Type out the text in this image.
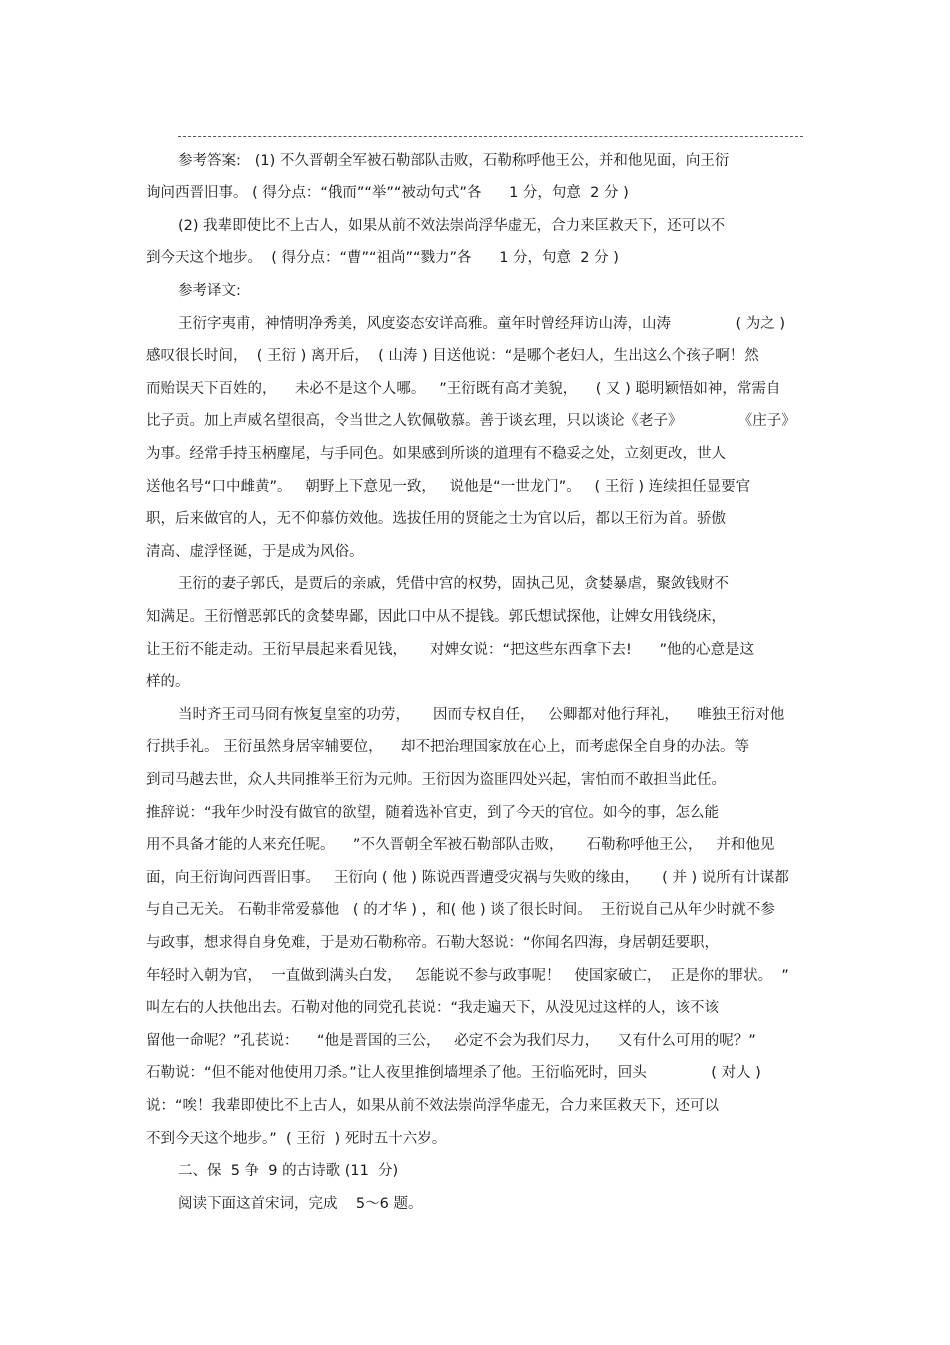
参考答案:   (1) 不久晋朝全军被石勒部队击败，石勒称呼他王公，并和他见面，向王衍
询问西晋旧事。 ( 得分点：“俄而”“举”“被动句式”各      1 分，句意  2 分 )
(2) 我辈即使比不上古人，如果从前不效法崇尚浮华虚无，合力来匡救天下，还可以不
到今天这个地步。  ( 得分点：“曹”“祖尚”“戮力”各      1 分，句意  2 分 )
参考译文:
王衍字夷甫，神情明净秀美，风度姿态安详高雅。童年时曾经拜访山涛，山涛              ( 为之 )
感叹很长时间，  ( 王衍 ) 离开后，  ( 山涛 ) 目送他说：“是哪个老妇人，生出这么个孩子啊！然
而贻误天下百姓的，    未必不是这个人哪。   ”王衍既有高才美貌，    ( 又 ) 聪明颖悟如神，常需自
比子贡。加上声威名望很高，令当世之人钦佩敬慕。善于谈玄理，只以谈论《老子》            《庄子》
为事。经常手持玉柄麈尾，与手同色。如果感到所谈的道理有不稳妥之处，立刻更改，世人
送他名号“口中雌黄”。   朝野上下意见一致，   说他是“一世龙门”。   ( 王衍 ) 连续担任显要官
职，后来做官的人，无不仰慕仿效他。选拔任用的贤能之士为官以后，都以王衍为首。骄傲
清高、虚浮怪诞，于是成为风俗。
王衍的妻子郭氏，是贾后的亲戚，凭借中宫的权势，固执己见，贪婪暴虐，聚敛钱财不
知满足。王衍憎恶郭氏的贪婪卑鄙，因此口中从不提钱。郭氏想试探他，让婢女用钱绕床，
让王衍不能走动。王衍早晨起来看见钱，     对婢女说：“把这些东西拿下去!      ”他的心意是这
样的。
当时齐王司马冏有恢复皇室的功劳，     因而专权自任，   公卿都对他行拜礼，    唯独王衍对他
行拱手礼。 王衍虽然身居宰辅要位，    却不把治理国家放在心上，而考虑保全自身的办法。等
到司马越去世，众人共同推举王衍为元帅。王衍因为盗匪四处兴起，害怕而不敢担当此任。
推辞说：“我年少时没有做官的欲望，随着选补官吏，到了今天的官位。如今的事，怎么能
用不具备才能的人来充任呢。    ”不久晋朝全军被石勒部队击败，     石勒称呼他王公，   并和他见
面，向王衍询问西晋旧事。   王衍向 ( 他 ) 陈说西晋遭受灾祸与失败的缘由，     ( 并 ) 说所有计谋都
与自己无关。 石勒非常爱慕他   ( 的才华 ) ，和( 他 ) 谈了很长时间。  王衍说自己从年少时就不参
与政事，想求得自身免难，于是劝石勒称帝。石勒大怒说：“你闻名四海，身居朝廷要职，
年轻时入朝为官，  一直做到满头白发，   怎能说不参与政事呢！   使国家破亡，  正是你的罪状。  ”
叫左右的人扶他出去。石勒对他的同党孔苌说：“我走遍天下，从没见过这样的人，该不该
留他一命呢？”孔苌说：    “他是晋国的三公，   必定不会为我们尽力，    又有什么可用的呢？”
石勒说：“但不能对他使用刀杀。”让人夜里推倒墙埋杀了他。王衍临死时，回头              ( 对人 )
说：“唉！我辈即使比不上古人，如果从前不效法崇尚浮华虚无，合力来匡救天下，还可以
不到今天这个地步。”  ( 王衍  ) 死时五十六岁。
二、保  5 争  9 的古诗歌 (11  分)
阅读下面这首宋词，完成    5～6 题。
